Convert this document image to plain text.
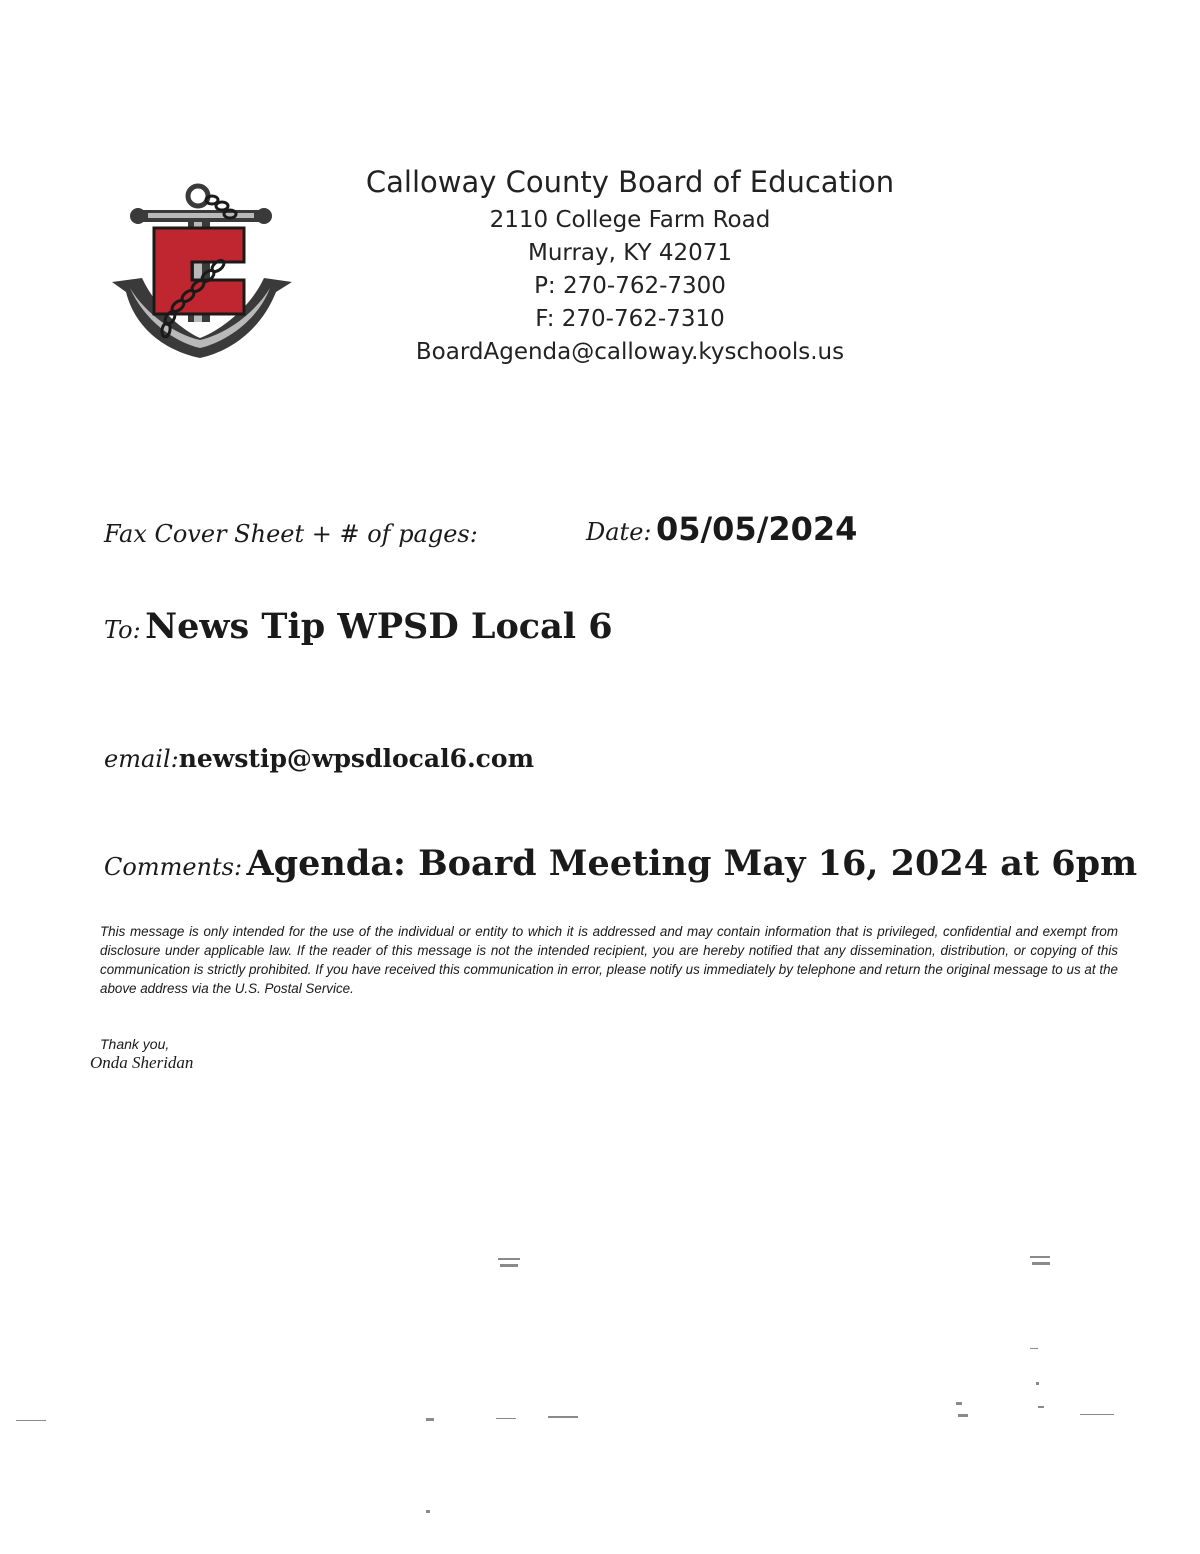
Calloway County Board of Education
2110 College Farm Road
Murray, KY 42071
P: 270-762-7300
F: 270-762-7310
BoardAgenda@calloway.kyschools.us
Fax Cover Sheet + # of pages:	Date: 05/05/2024
To: News Tip WPSD Local 6
email:newstip@wpsdlocal6.com
Comments: Agenda: Board Meeting May 16, 2024 at 6pm
This message is only intended for the use of the individual or entity to which it is addressed and may contain information that is privileged, confidential and exempt from disclosure under applicable law. If the reader of this message is not the intended recipient, you are hereby notified that any dissemination, distribution, or copying of this communication is strictly prohibited. If you have received this communication in error, please notify us immediately by telephone and return the original message to us at the above address via the U.S. Postal Service.
Thank you,
Onda Sheridan
